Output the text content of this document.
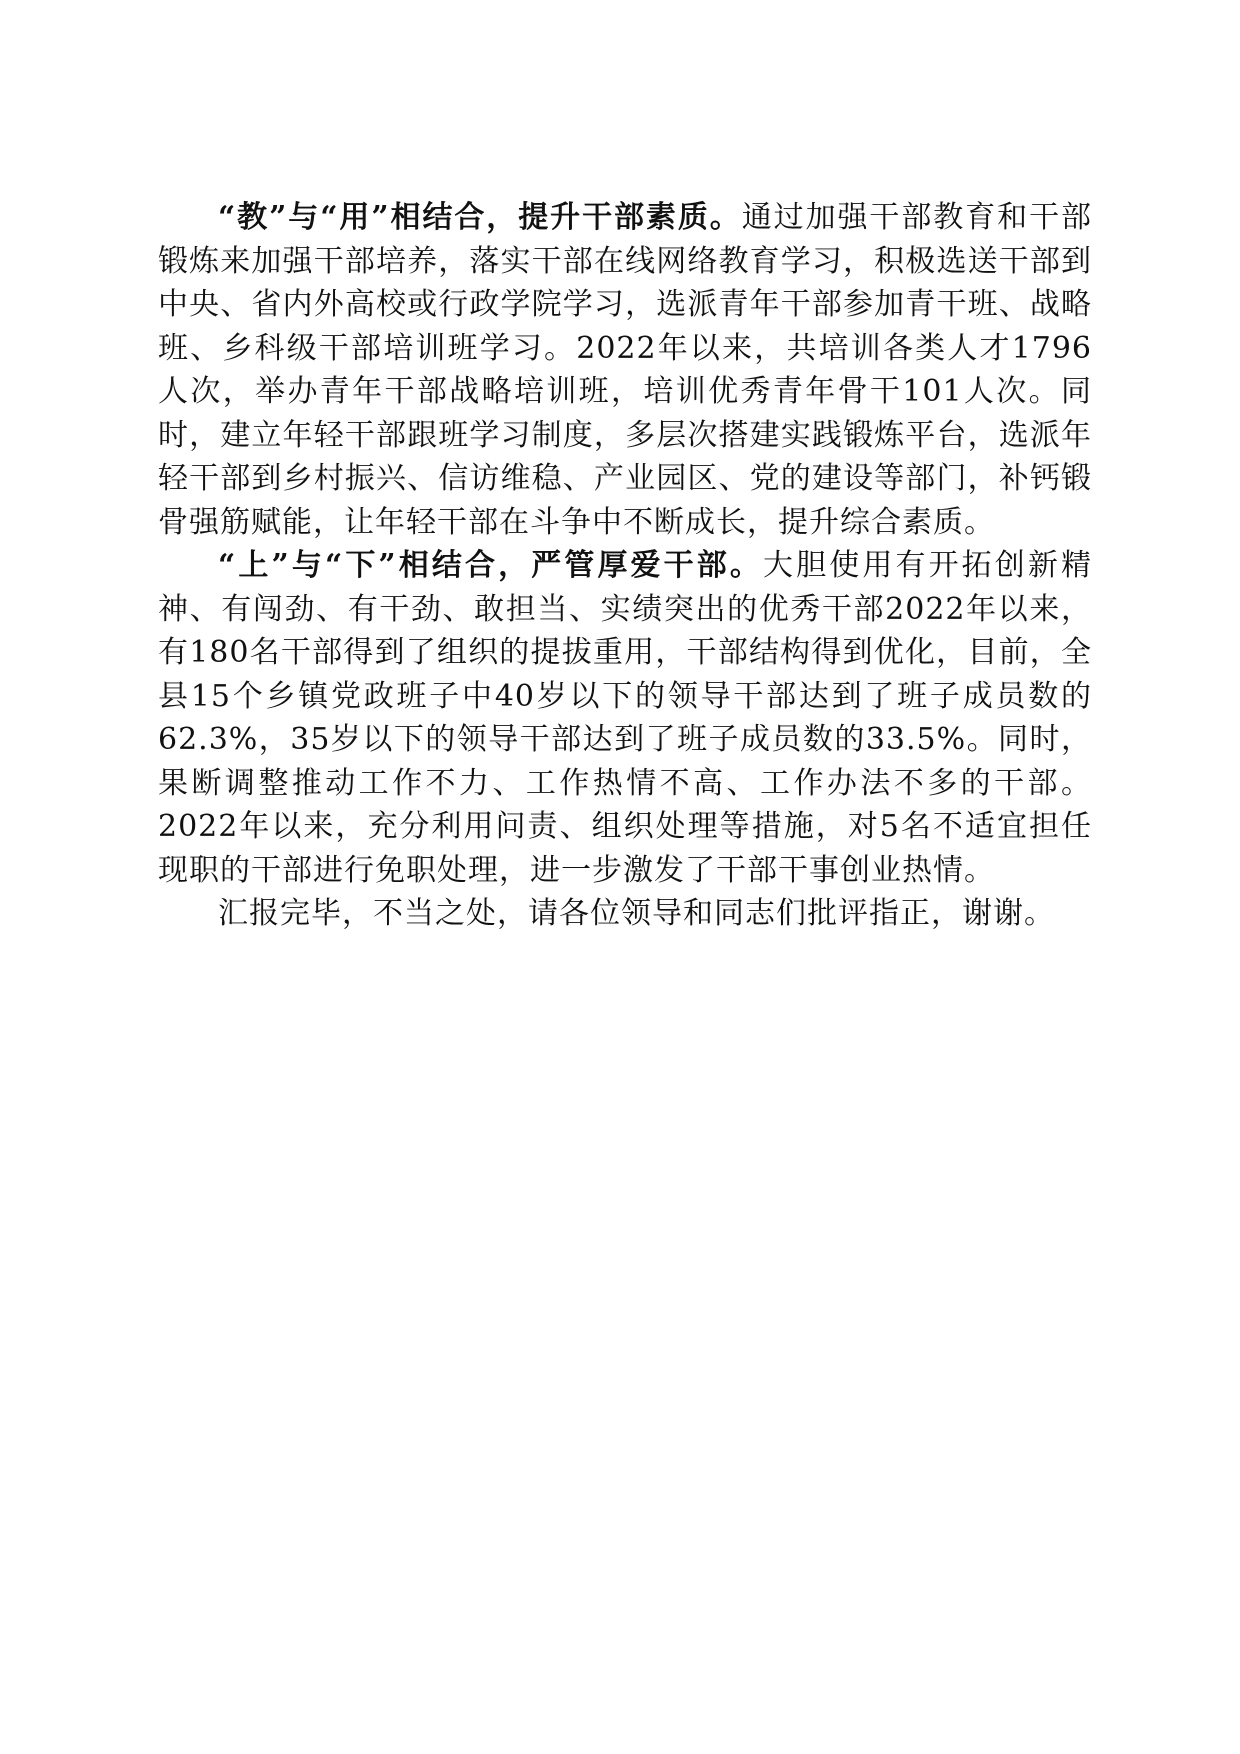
“教”与“用”相结合，提升干部素质。通过加强干部教育和干部锻炼来加强干部培养，落实干部在线网络教育学习，积极选送干部到中央、省内外高校或行政学院学习，选派青年干部参加青干班、战略班、乡科级干部培训班学习。2022年以来，共培训各类人才1796人次，举办青年干部战略培训班，培训优秀青年骨干101人次。同时，建立年轻干部跟班学习制度，多层次搭建实践锻炼平台，选派年轻干部到乡村振兴、信访维稳、产业园区、党的建设等部门，补钙锻骨强筋赋能，让年轻干部在斗争中不断成长，提升综合素质。

“上”与“下”相结合，严管厚爱干部。大胆使用有开拓创新精神、有闯劲、有干劲、敢担当、实绩突出的优秀干部2022年以来，有180名干部得到了组织的提拔重用，干部结构得到优化，目前，全县15个乡镇党政班子中40岁以下的领导干部达到了班子成员数的62.3%，35岁以下的领导干部达到了班子成员数的33.5%。同时，果断调整推动工作不力、工作热情不高、工作办法不多的干部。2022年以来，充分利用问责、组织处理等措施，对5名不适宜担任现职的干部进行免职处理，进一步激发了干部干事创业热情。

汇报完毕，不当之处，请各位领导和同志们批评指正，谢谢。
